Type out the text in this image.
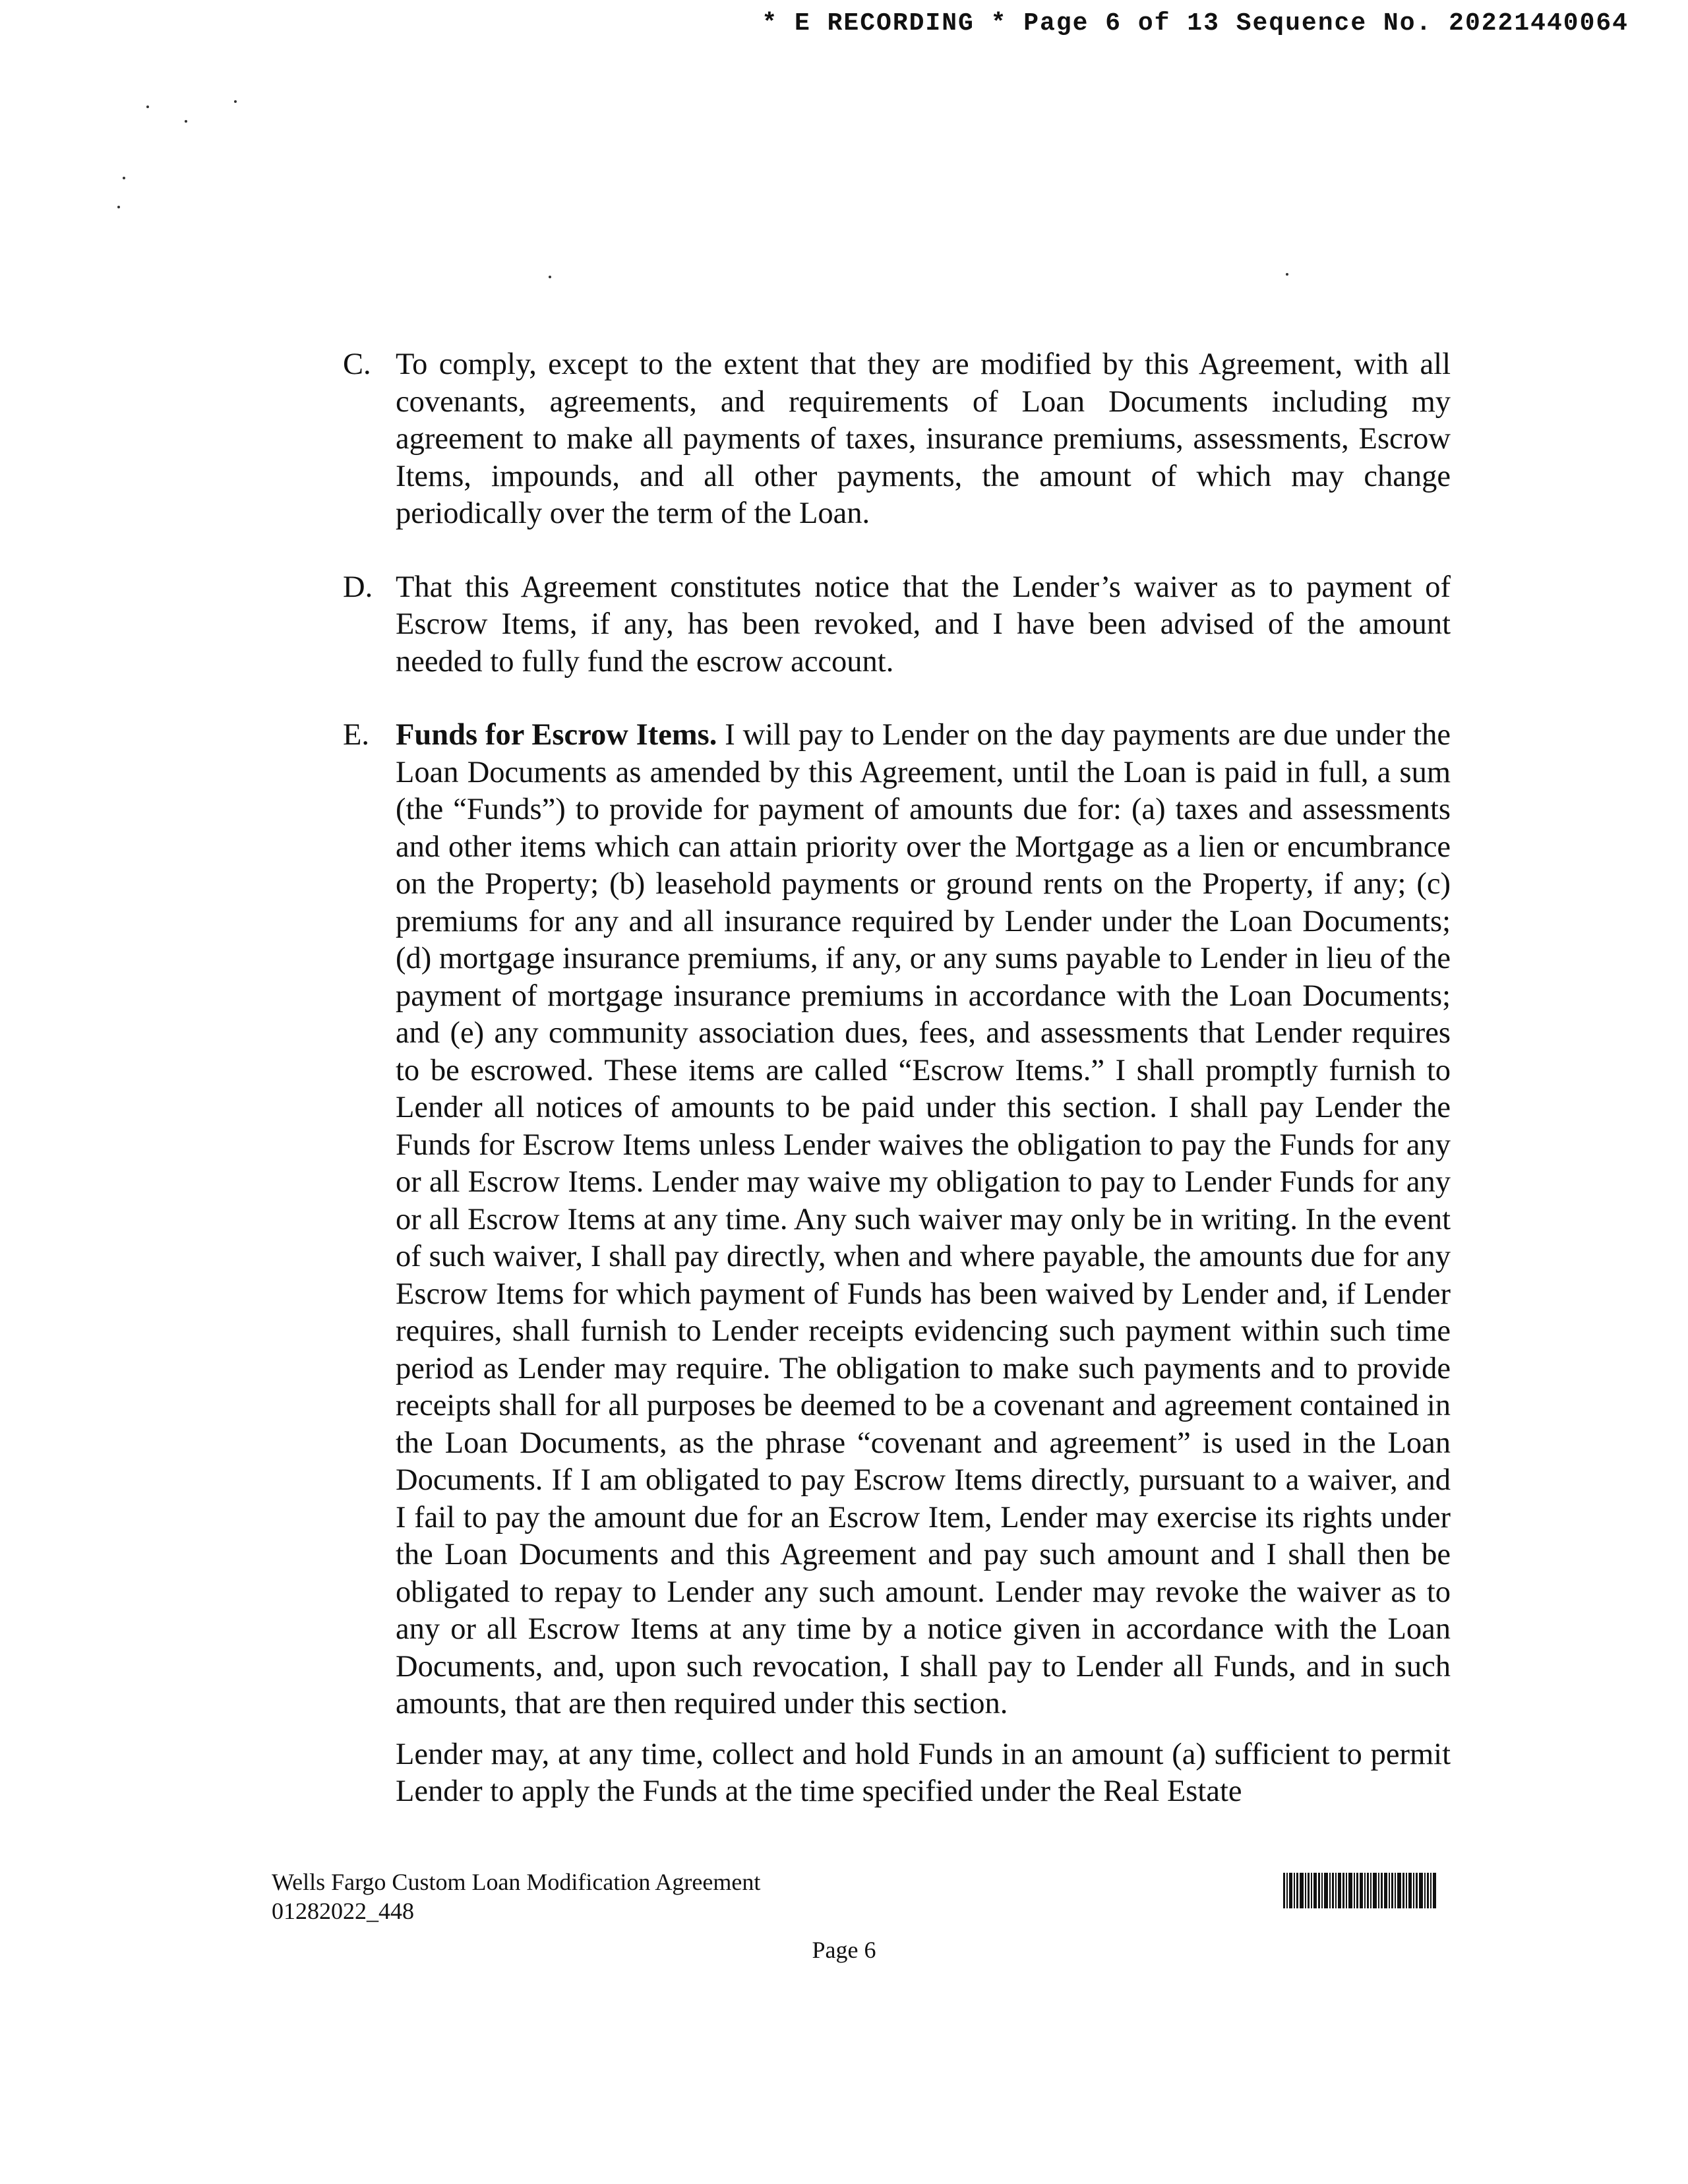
* E RECORDING * Page 6 of 13 Sequence No. 20221440064
C. To comply, except to the extent that they are modified by this Agreement, with all covenants, agreements, and requirements of Loan Documents including my agreement to make all payments of taxes, insurance premiums, assessments, Escrow Items, impounds, and all other payments, the amount of which may change periodically over the term of the Loan.

D. That this Agreement constitutes notice that the Lender’s waiver as to payment of Escrow Items, if any, has been revoked, and I have been advised of the amount needed to fully fund the escrow account.

E. Funds for Escrow Items. I will pay to Lender on the day payments are due under the Loan Documents as amended by this Agreement, until the Loan is paid in full, a sum (the “Funds”) to provide for payment of amounts due for: (a) taxes and assessments and other items which can attain priority over the Mortgage as a lien or encumbrance on the Property; (b) leasehold payments or ground rents on the Property, if any; (c) premiums for any and all insurance required by Lender under the Loan Documents; (d) mortgage insurance premiums, if any, or any sums payable to Lender in lieu of the payment of mortgage insurance premiums in accordance with the Loan Documents; and (e) any community association dues, fees, and assessments that Lender requires to be escrowed. These items are called “Escrow Items.” I shall promptly furnish to Lender all notices of amounts to be paid under this section. I shall pay Lender the Funds for Escrow Items unless Lender waives the obligation to pay the Funds for any or all Escrow Items. Lender may waive my obligation to pay to Lender Funds for any or all Escrow Items at any time. Any such waiver may only be in writing. In the event of such waiver, I shall pay directly, when and where payable, the amounts due for any Escrow Items for which payment of Funds has been waived by Lender and, if Lender requires, shall furnish to Lender receipts evidencing such payment within such time period as Lender may require. The obligation to make such payments and to provide receipts shall for all purposes be deemed to be a covenant and agreement contained in the Loan Documents, as the phrase “covenant and agreement” is used in the Loan Documents. If I am obligated to pay Escrow Items directly, pursuant to a waiver, and I fail to pay the amount due for an Escrow Item, Lender may exercise its rights under the Loan Documents and this Agreement and pay such amount and I shall then be obligated to repay to Lender any such amount. Lender may revoke the waiver as to any or all Escrow Items at any time by a notice given in accordance with the Loan Documents, and, upon such revocation, I shall pay to Lender all Funds, and in such amounts, that are then required under this section.

Lender may, at any time, collect and hold Funds in an amount (a) sufficient to permit Lender to apply the Funds at the time specified under the Real Estate

Wells Fargo Custom Loan Modification Agreement
01282022_448
Page 6
